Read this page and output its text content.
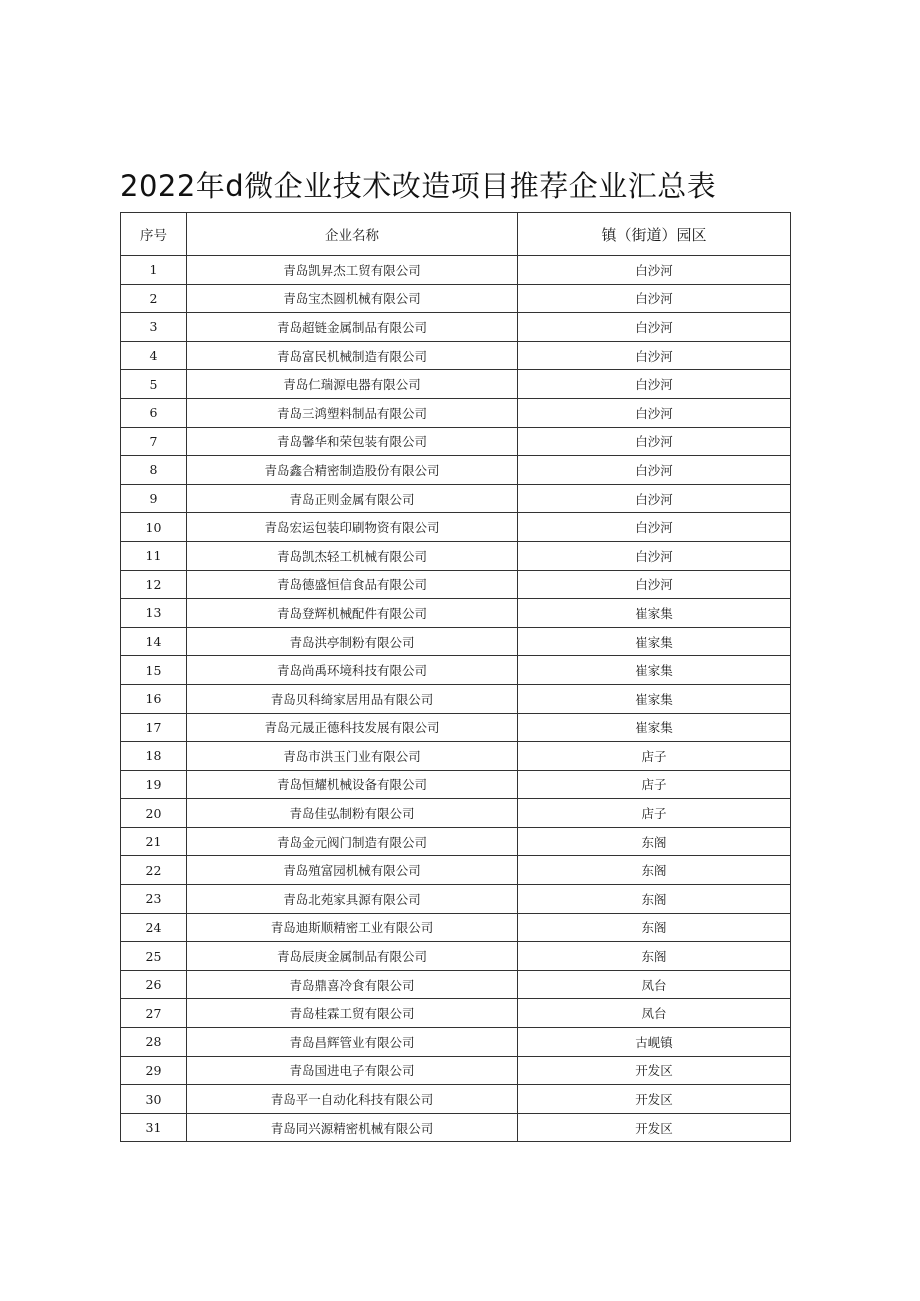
2022年d微企业技术改造项目推荐企业汇总表
序号	企业名称	镇（街道）园区
1	青岛凯昇杰工贸有限公司	白沙河
2	青岛宝杰圆机械有限公司	白沙河
3	青岛超链金属制品有限公司	白沙河
4	青岛富民机械制造有限公司	白沙河
5	青岛仁瑞源电器有限公司	白沙河
6	青岛三鸿塑料制品有限公司	白沙河
7	青岛馨华和荣包装有限公司	白沙河
8	青岛鑫合精密制造股份有限公司	白沙河
9	青岛正则金属有限公司	白沙河
10	青岛宏运包装印刷物资有限公司	白沙河
11	青岛凯杰轻工机械有限公司	白沙河
12	青岛德盛恒信食品有限公司	白沙河
13	青岛登辉机械配件有限公司	崔家集
14	青岛洪亭制粉有限公司	崔家集
15	青岛尚禹环境科技有限公司	崔家集
16	青岛贝科绮家居用品有限公司	崔家集
17	青岛元晟正德科技发展有限公司	崔家集
18	青岛市洪玉门业有限公司	店子
19	青岛恒耀机械设备有限公司	店子
20	青岛佳弘制粉有限公司	店子
21	青岛金元阀门制造有限公司	东阁
22	青岛殖富园机械有限公司	东阁
23	青岛北苑家具源有限公司	东阁
24	青岛迪斯顺精密工业有限公司	东阁
25	青岛辰庚金属制品有限公司	东阁
26	青岛鼎喜冷食有限公司	凤台
27	青岛桂霖工贸有限公司	凤台
28	青岛昌辉管业有限公司	古岘镇
29	青岛国进电子有限公司	开发区
30	青岛平一自动化科技有限公司	开发区
31	青岛同兴源精密机械有限公司	开发区
